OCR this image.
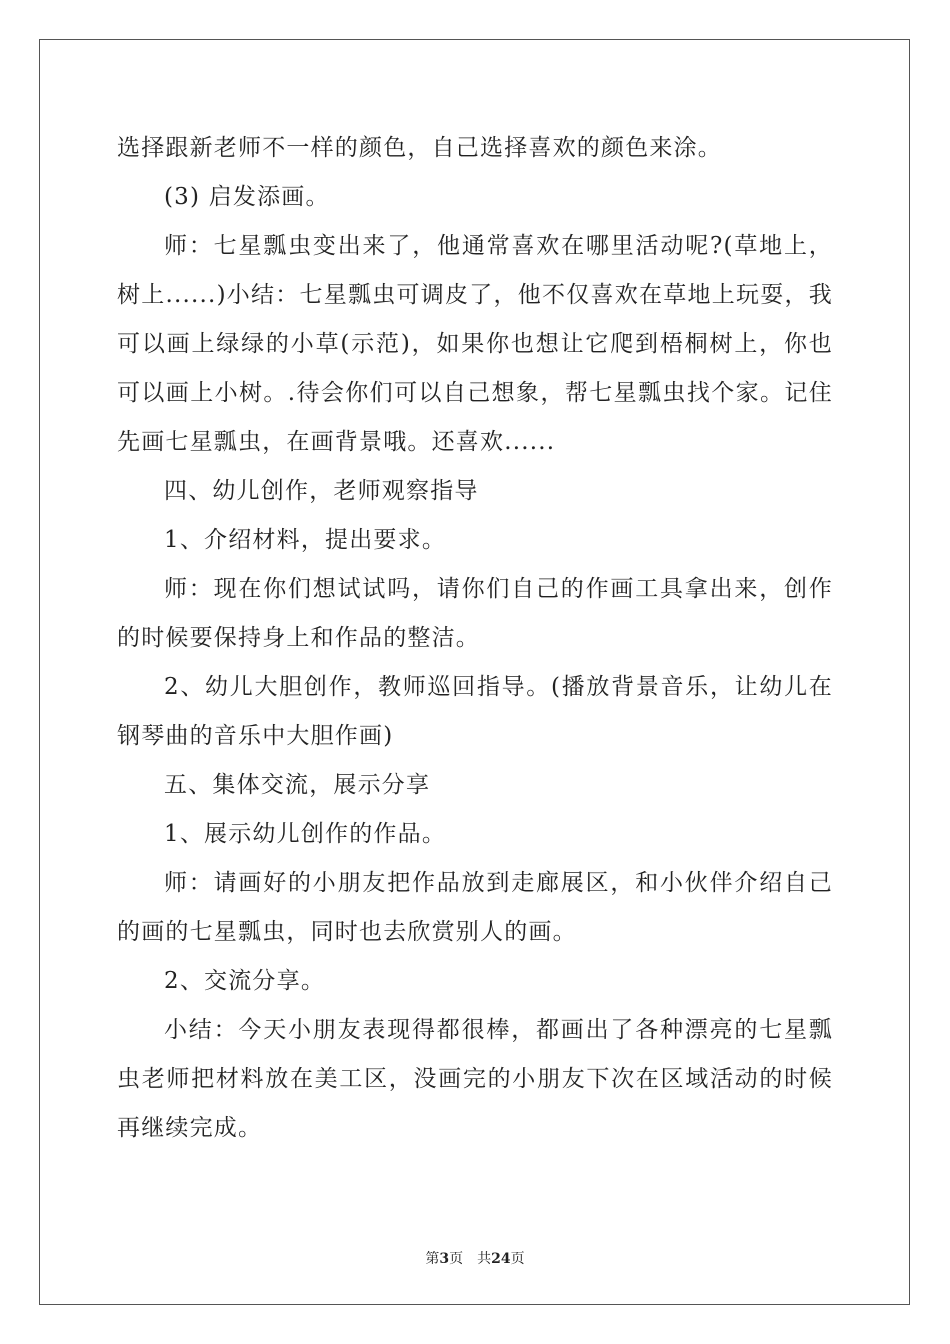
选择跟新老师不一样的颜色，自己选择喜欢的颜色来涂。

(3) 启发添画。

师：七星瓢虫变出来了，他通常喜欢在哪里活动呢?(草地上，树上......)小结：七星瓢虫可调皮了，他不仅喜欢在草地上玩耍，我可以画上绿绿的小草(示范)，如果你也想让它爬到梧桐树上，你也可以画上小树。.待会你们可以自己想象，帮七星瓢虫找个家。记住先画七星瓢虫，在画背景哦。还喜欢......

四、幼儿创作，老师观察指导

1、介绍材料，提出要求。

师：现在你们想试试吗，请你们自己的作画工具拿出来，创作的时候要保持身上和作品的整洁。

2、幼儿大胆创作，教师巡回指导。(播放背景音乐，让幼儿在钢琴曲的音乐中大胆作画)

五、集体交流，展示分享

1、展示幼儿创作的作品。

师：请画好的小朋友把作品放到走廊展区，和小伙伴介绍自己的画的七星瓢虫，同时也去欣赏别人的画。

2、交流分享。

小结：今天小朋友表现得都很棒，都画出了各种漂亮的七星瓢虫老师把材料放在美工区，没画完的小朋友下次在区域活动的时候再继续完成。

第3页 共24页
